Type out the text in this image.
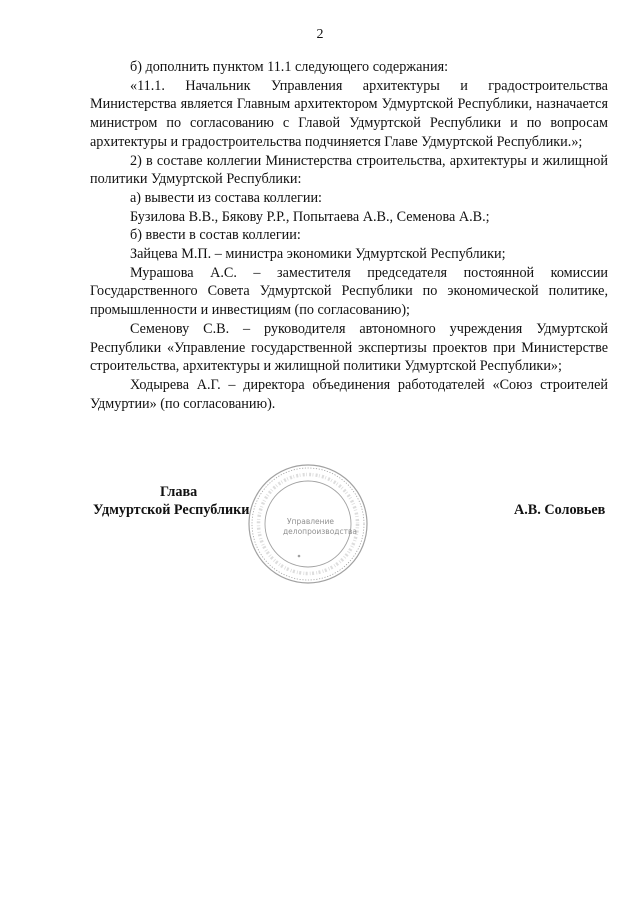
2

б) дополнить пунктом 11.1 следующего содержания:

«11.1. Начальник Управления архитектуры и градостроительства Министерства является Главным архитектором Удмуртской Республики, назначается министром по согласованию с Главой Удмуртской Республики и по вопросам архитектуры и градостроительства подчиняется Главе Удмуртской Республики.»;

2) в составе коллегии Министерства строительства, архитектуры и жилищной политики Удмуртской Республики:

а) вывести из состава коллегии:

Бузилова В.В., Бякову Р.Р., Попытаева А.В., Семенова А.В.;

б) ввести в состав коллегии:

Зайцева М.П. – министра экономики Удмуртской Республики;

Мурашова А.С. – заместителя председателя постоянной комиссии Государственного Совета Удмуртской Республики по экономической политике, промышленности и инвестициям (по согласованию);

Семенову С.В. – руководителя автономного учреждения Удмуртской Республики «Управление государственной экспертизы проектов при Министерстве строительства, архитектуры и жилищной политики Удмуртской Республики»;

Ходырева А.Г. – директора объединения работодателей «Союз строителей Удмуртии» (по согласованию).

Глава
Удмуртской Республики	А.В. Соловьев
Управление
делопроизводства
